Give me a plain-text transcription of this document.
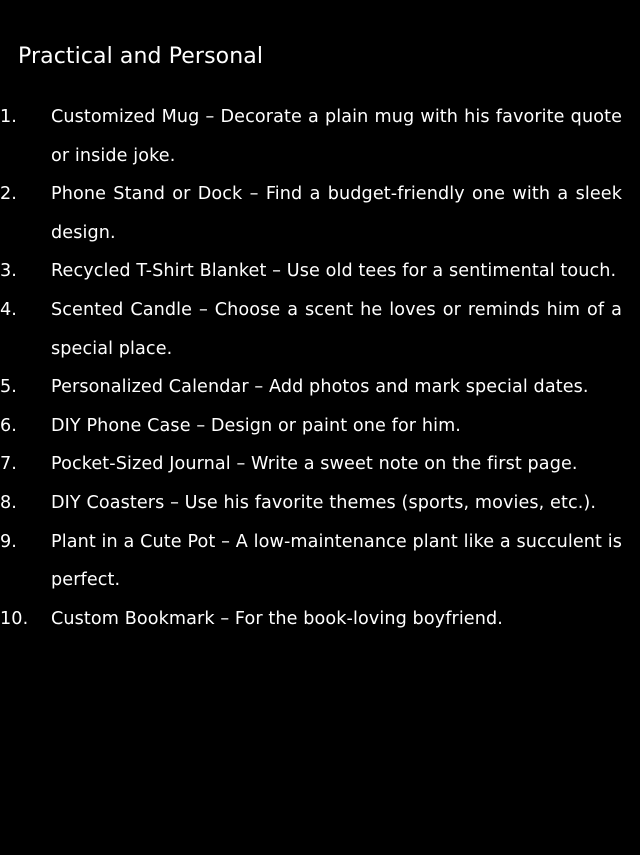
Practical and Personal
1.	Customized Mug – Decorate a plain mug with his favorite quote or inside joke.
2.	Phone Stand or Dock – Find a budget-friendly one with a sleek design.
3.	Recycled T-Shirt Blanket – Use old tees for a sentimental touch.
4.	Scented Candle – Choose a scent he loves or reminds him of a special place.
5.	Personalized Calendar – Add photos and mark special dates.
6.	DIY Phone Case – Design or paint one for him.
7.	Pocket-Sized Journal – Write a sweet note on the first page.
8.	DIY Coasters – Use his favorite themes (sports, movies, etc.).
9.	Plant in a Cute Pot – A low-maintenance plant like a succulent is perfect.
10.	Custom Bookmark – For the book-loving boyfriend.
